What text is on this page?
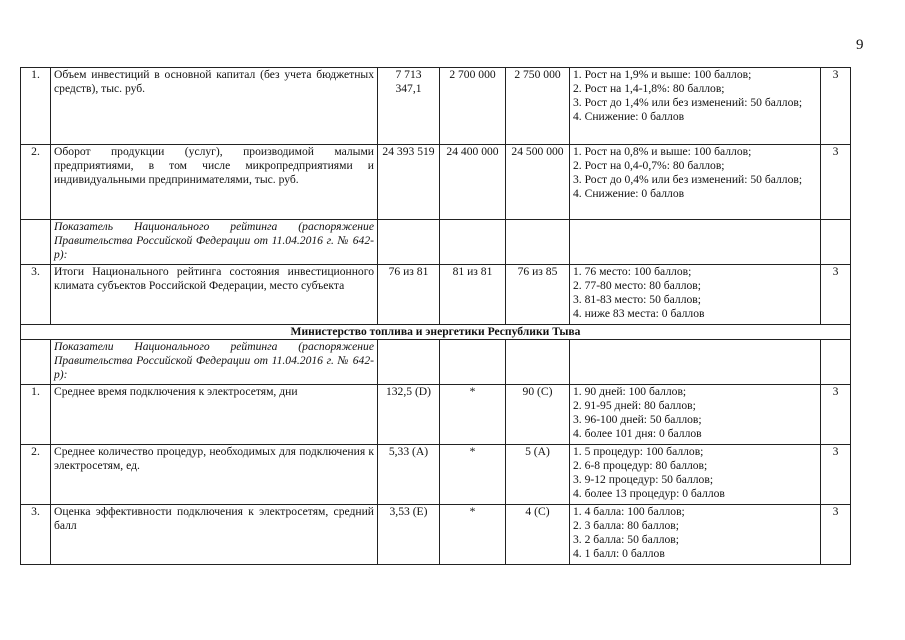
9
1.	Объем инвестиций в основной капитал (без учета бюджетных средств), тыс. руб.	7 713 347,1	2 700 000	2 750 000	1. Рост на 1,9% и выше: 100 баллов;
2. Рост на 1,4-1,8%: 80 баллов;
3. Рост до 1,4% или без изменений: 50 баллов;
4. Снижение: 0 баллов	3
2.	Оборот продукции (услуг), производимой малыми предприятиями, в том числе микропредприятиями и индивидуальными предпринимателями, тыс. руб.	24 393 519	24 400 000	24 500 000	1. Рост на 0,8% и выше: 100 баллов;
2. Рост на 0,4-0,7%: 80 баллов;
3. Рост до 0,4% или без изменений: 50 баллов;
4. Снижение: 0 баллов	3
	Показатель Национального рейтинга (распоряжение Правительства Российской Федерации от 11.04.2016 г. № 642-р):					
3.	Итоги Национального рейтинга состояния инвестиционного климата субъектов Российской Федерации, место субъекта	76 из 81	81 из 81	76 из 85	1. 76 место: 100 баллов;
2. 77-80 место: 80 баллов;
3. 81-83 место: 50 баллов;
4. ниже 83 места: 0 баллов	3
Министерство топлива и энергетики Республики Тыва						
	Показатели Национального рейтинга (распоряжение Правительства Российской Федерации от 11.04.2016 г. № 642-р):					
1.	Среднее время подключения к электросетям, дни	132,5 (D)	*	90 (С)	1. 90 дней: 100 баллов;
2. 91-95 дней: 80 баллов;
3. 96-100 дней: 50 баллов;
4. более 101 дня: 0 баллов	3
2.	Среднее количество процедур, необходимых для подключения к электросетям, ед.	5,33 (А)	*	5 (А)	1. 5 процедур: 100 баллов;
2. 6-8 процедур: 80 баллов;
3. 9-12 процедур: 50 баллов;
4. более 13 процедур: 0 баллов	3
3.	Оценка эффективности подключения к электросетям, средний балл	3,53 (Е)	*	4 (С)	1. 4 балла: 100 баллов;
2. 3 балла: 80 баллов;
3. 2 балла: 50 баллов;
4. 1 балл: 0 баллов	3
